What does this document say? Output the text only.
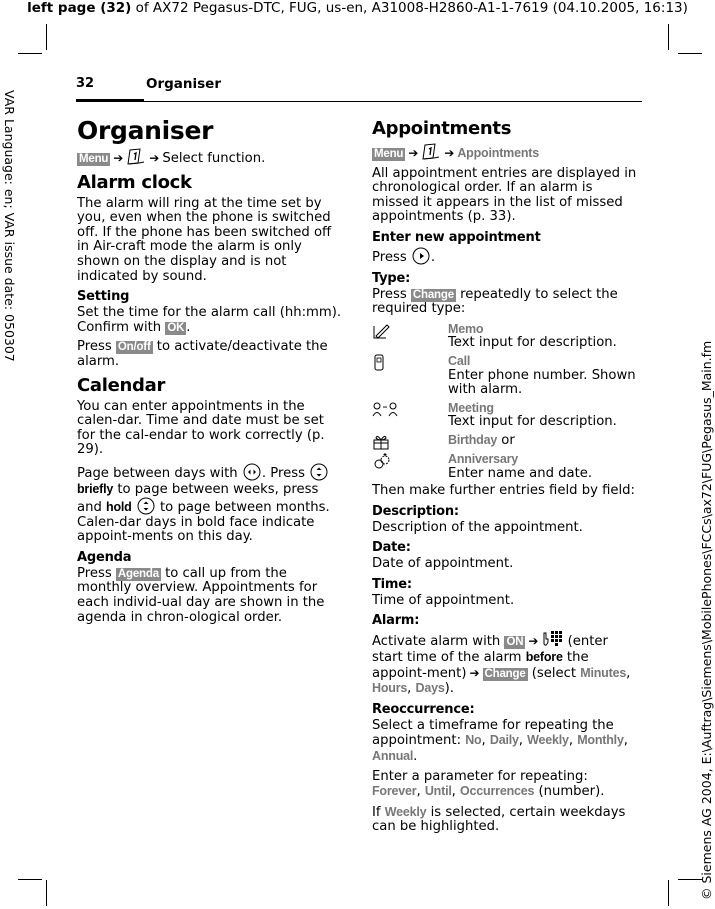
left page (32) of AX72 Pegasus-DTC, FUG, us-en, A31008-H2860-A1-1-7619 (04.10.2005, 16:13)
VAR Language: en; VAR issue date: 050307
© Siemens AG 2004, E:\Auftrag\Siemens\MobilePhones\FCCs\ax72\FUG\Pegasus_Main.fm
32	Organiser
Organiser

Menu ➔ ➔ Select function.

Alarm clock

The alarm will ring at the time set by you, even when the phone is switched off. If the phone has been switched off in Air-craft mode the alarm is only shown on the display and is not indicated by sound.

Setting

Set the time for the alarm call (hh:mm). Confirm with OK .

Press On/off to activate/deactivate the alarm.

Calendar

You can enter appointments in the calen-dar. Time and date must be set for the cal-endar to work correctly (p. 29).

Page between days with . Press  briefly to page between weeks, press and hold to page between months. Calen-dar days in bold face indicate appoint-ments on this day.

Agenda

Press Agenda to call up from the monthly overview. Appointments for each individ-ual day are shown in the agenda in chron-ological order.

Appointments

Menu ➔ ➔ Appointments

All appointment entries are displayed in chronological order. If an alarm is missed it appears in the list of missed appointments (p. 33).

Enter new appointment

Press .

Type:

Press Change repeatedly to select the required type:

Memo
Text input for description.
Call
Enter phone number. Shown with alarm.
Meeting
Text input for description.
Birthday or
Anniversary
Enter name and date.

Then make further entries field by field:

Description:

Description of the appointment.

Date:

Date of appointment.

Time:

Time of appointment.

Alarm:

Activate alarm with ON ➔ (enter start time of the alarm before the appoint-ment) ➔ Change (select Minutes, Hours, Days).

Reoccurrence:

Select a timeframe for repeating the appointment: No, Daily, Weekly, Monthly, Annual.

Enter a parameter for repeating: Forever, Until, Occurrences (number).

If Weekly is selected, certain weekdays can be highlighted.
